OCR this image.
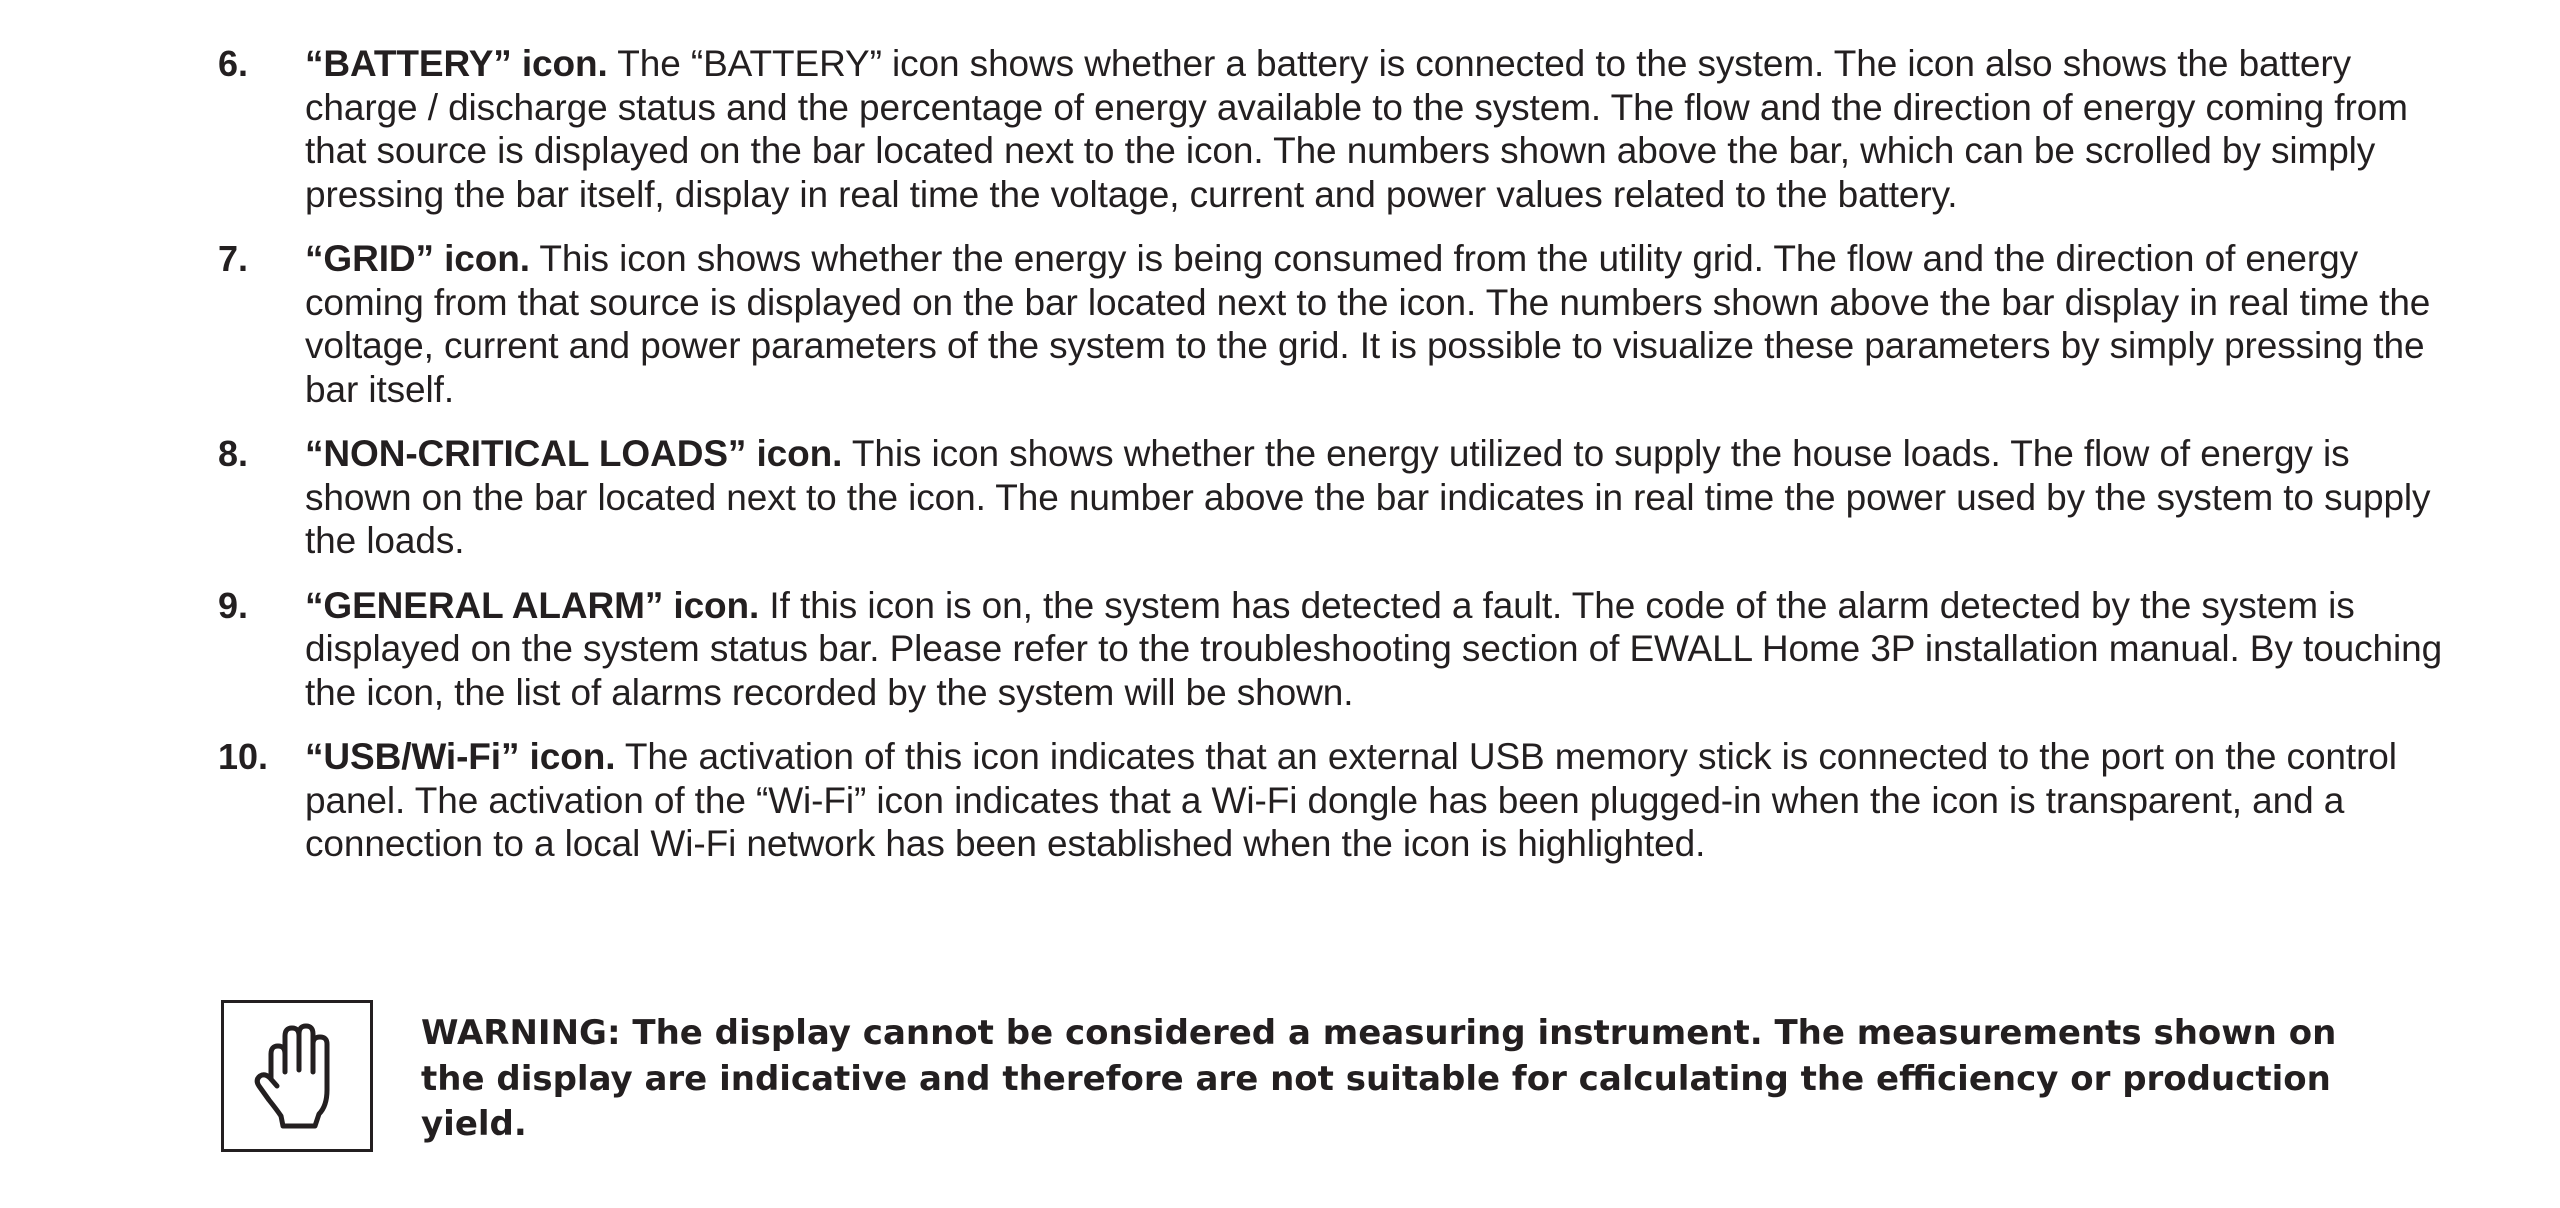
6.	“BATTERY” icon. The “BATTERY” icon shows whether a battery is connected to the system. The icon also shows the battery charge / discharge status and the percentage of energy available to the system. The flow and the direction of energy coming from that source is displayed on the bar located next to the icon. The numbers shown above the bar, which can be scrolled by simply pressing the bar itself, display in real time the voltage, current and power values related to the battery.
7.	“GRID” icon. This icon shows whether the energy is being consumed from the utility grid. The flow and the direction of energy coming from that source is displayed on the bar located next to the icon. The numbers shown above the bar display in real time the voltage, current and power parameters of the system to the grid. It is possible to visualize these parameters by simply pressing the bar itself.
8.	“NON-CRITICAL LOADS” icon. This icon shows whether the energy utilized to supply the house loads. The flow of energy is shown on the bar located next to the icon. The number above the bar indicates in real time the power used by the system to supply the loads.
9.	“GENERAL ALARM” icon. If this icon is on, the system has detected a fault. The code of the alarm detected by the system is displayed on the system status bar. Please refer to the troubleshooting section of EWALL Home 3P installation manual. By touching the icon, the list of alarms recorded by the system will be shown.
10. “USB/Wi-Fi” icon. The activation of this icon indicates that an external USB memory stick is connected to the port on the control panel. The activation of the “Wi-Fi” icon indicates that a Wi-Fi dongle has been plugged-in when the icon is transparent, and a connection to a local Wi-Fi network has been established when the icon is highlighted.
WARNING: The display cannot be considered a measuring instrument. The measurements shown on the display are indicative and therefore are not suitable for calculating the efficiency or production yield.
